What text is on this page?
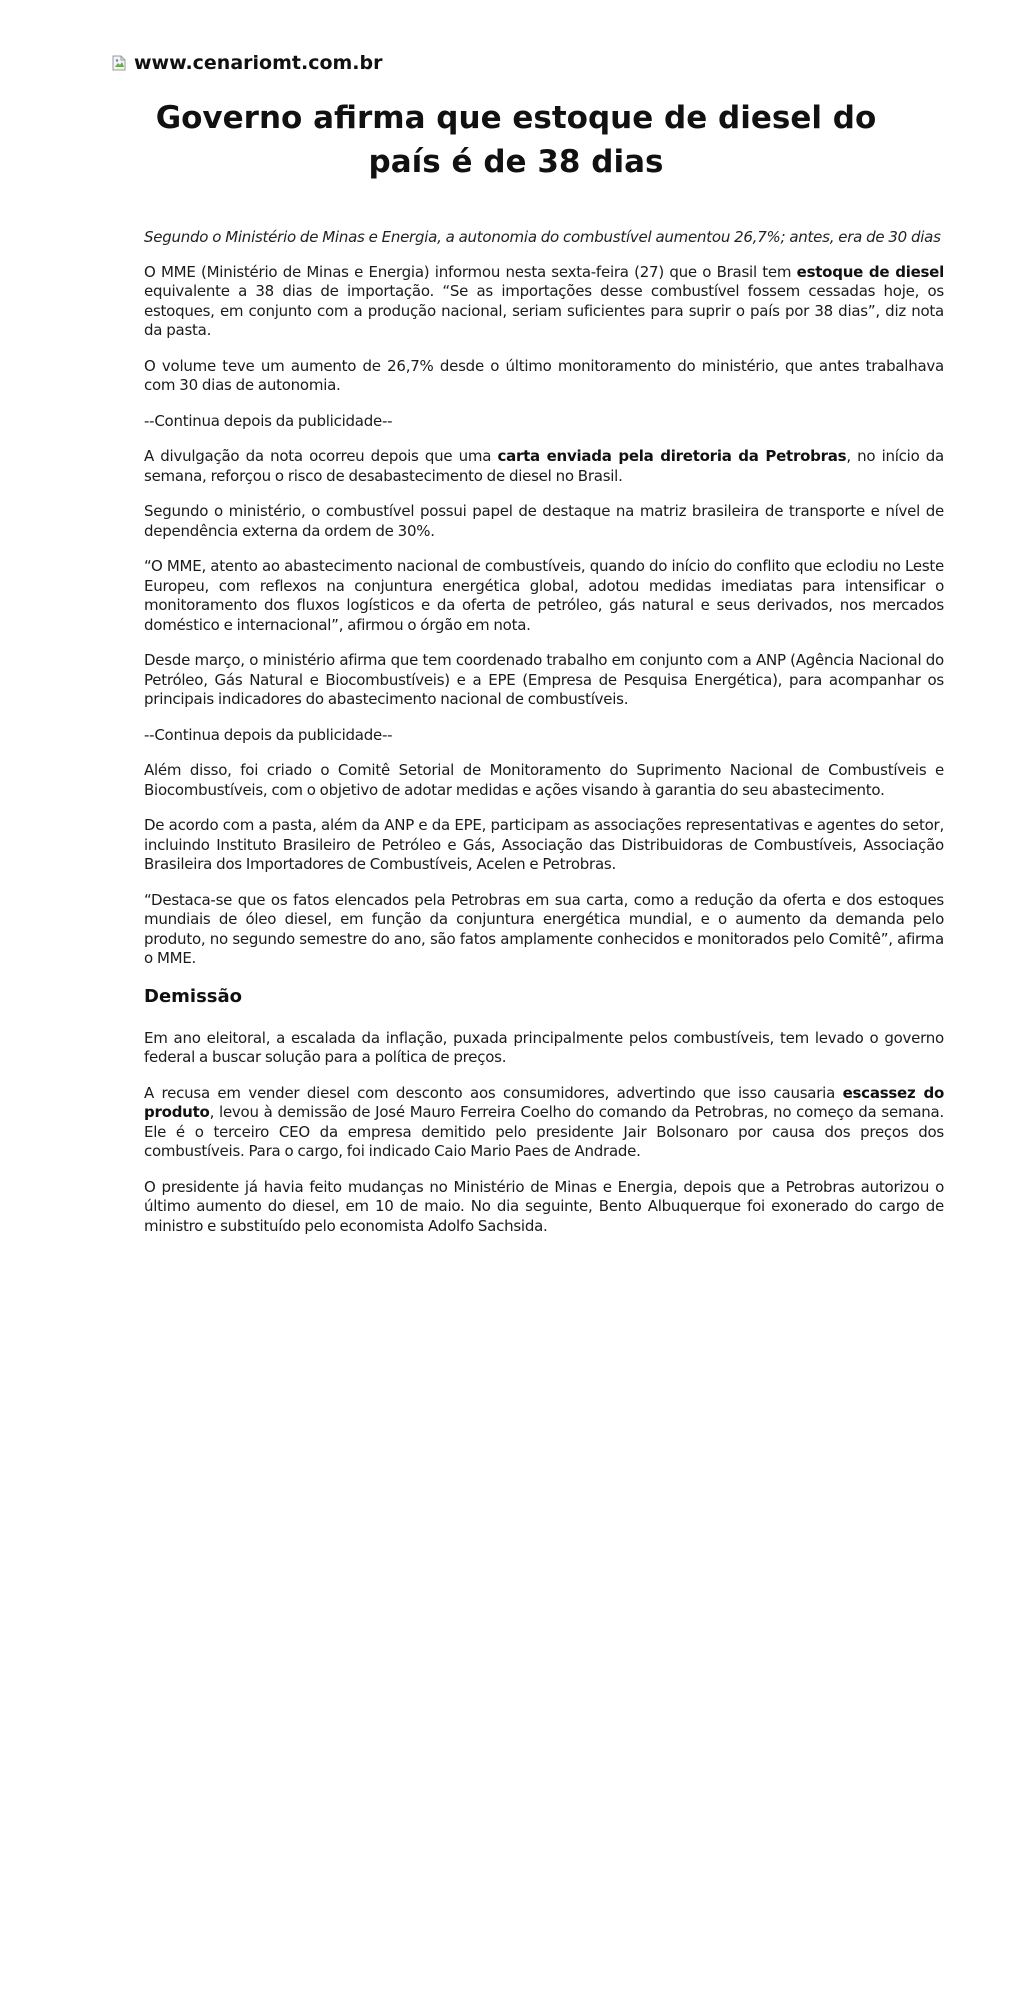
www.cenariomt.com.br
Governo afirma que estoque de diesel do país é de 38 dias

Segundo o Ministério de Minas e Energia, a autonomia do combustível aumentou 26,7%; antes, era de 30 dias

O MME (Ministério de Minas e Energia) informou nesta sexta-feira (27) que o Brasil tem estoque de diesel equivalente a 38 dias de importação. “Se as importações desse combustível fossem cessadas hoje, os estoques, em conjunto com a produção nacional, seriam suficientes para suprir o país por 38 dias”, diz nota da pasta.

O volume teve um aumento de 26,7% desde o último monitoramento do ministério, que antes trabalhava com 30 dias de autonomia.

--Continua depois da publicidade--

A divulgação da nota ocorreu depois que uma carta enviada pela diretoria da Petrobras, no início da semana, reforçou o risco de desabastecimento de diesel no Brasil.

Segundo o ministério, o combustível possui papel de destaque na matriz brasileira de transporte e nível de dependência externa da ordem de 30%.

“O MME, atento ao abastecimento nacional de combustíveis, quando do início do conflito que eclodiu no Leste Europeu, com reflexos na conjuntura energética global, adotou medidas imediatas para intensificar o monitoramento dos fluxos logísticos e da oferta de petróleo, gás natural e seus derivados, nos mercados doméstico e internacional”, afirmou o órgão em nota.

Desde março, o ministério afirma que tem coordenado trabalho em conjunto com a ANP (Agência Nacional do Petróleo, Gás Natural e Biocombustíveis) e a EPE (Empresa de Pesquisa Energética), para acompanhar os principais indicadores do abastecimento nacional de combustíveis.

--Continua depois da publicidade--

Além disso, foi criado o Comitê Setorial de Monitoramento do Suprimento Nacional de Combustíveis e Biocombustíveis, com o objetivo de adotar medidas e ações visando à garantia do seu abastecimento.

De acordo com a pasta, além da ANP e da EPE, participam as associações representativas e agentes do setor, incluindo Instituto Brasileiro de Petróleo e Gás, Associação das Distribuidoras de Combustíveis, Associação Brasileira dos Importadores de Combustíveis, Acelen e Petrobras.

“Destaca-se que os fatos elencados pela Petrobras em sua carta, como a redução da oferta e dos estoques mundiais de óleo diesel, em função da conjuntura energética mundial, e o aumento da demanda pelo produto, no segundo semestre do ano, são fatos amplamente conhecidos e monitorados pelo Comitê”, afirma o MME.

Demissão

Em ano eleitoral, a escalada da inflação, puxada principalmente pelos combustíveis, tem levado o governo federal a buscar solução para a política de preços.

A recusa em vender diesel com desconto aos consumidores, advertindo que isso causaria escassez do produto, levou à demissão de José Mauro Ferreira Coelho do comando da Petrobras, no começo da semana. Ele é o terceiro CEO da empresa demitido pelo presidente Jair Bolsonaro por causa dos preços dos combustíveis. Para o cargo, foi indicado Caio Mario Paes de Andrade.

O presidente já havia feito mudanças no Ministério de Minas e Energia, depois que a Petrobras autorizou o último aumento do diesel, em 10 de maio. No dia seguinte, Bento Albuquerque foi exonerado do cargo de ministro e substituído pelo economista Adolfo Sachsida.
